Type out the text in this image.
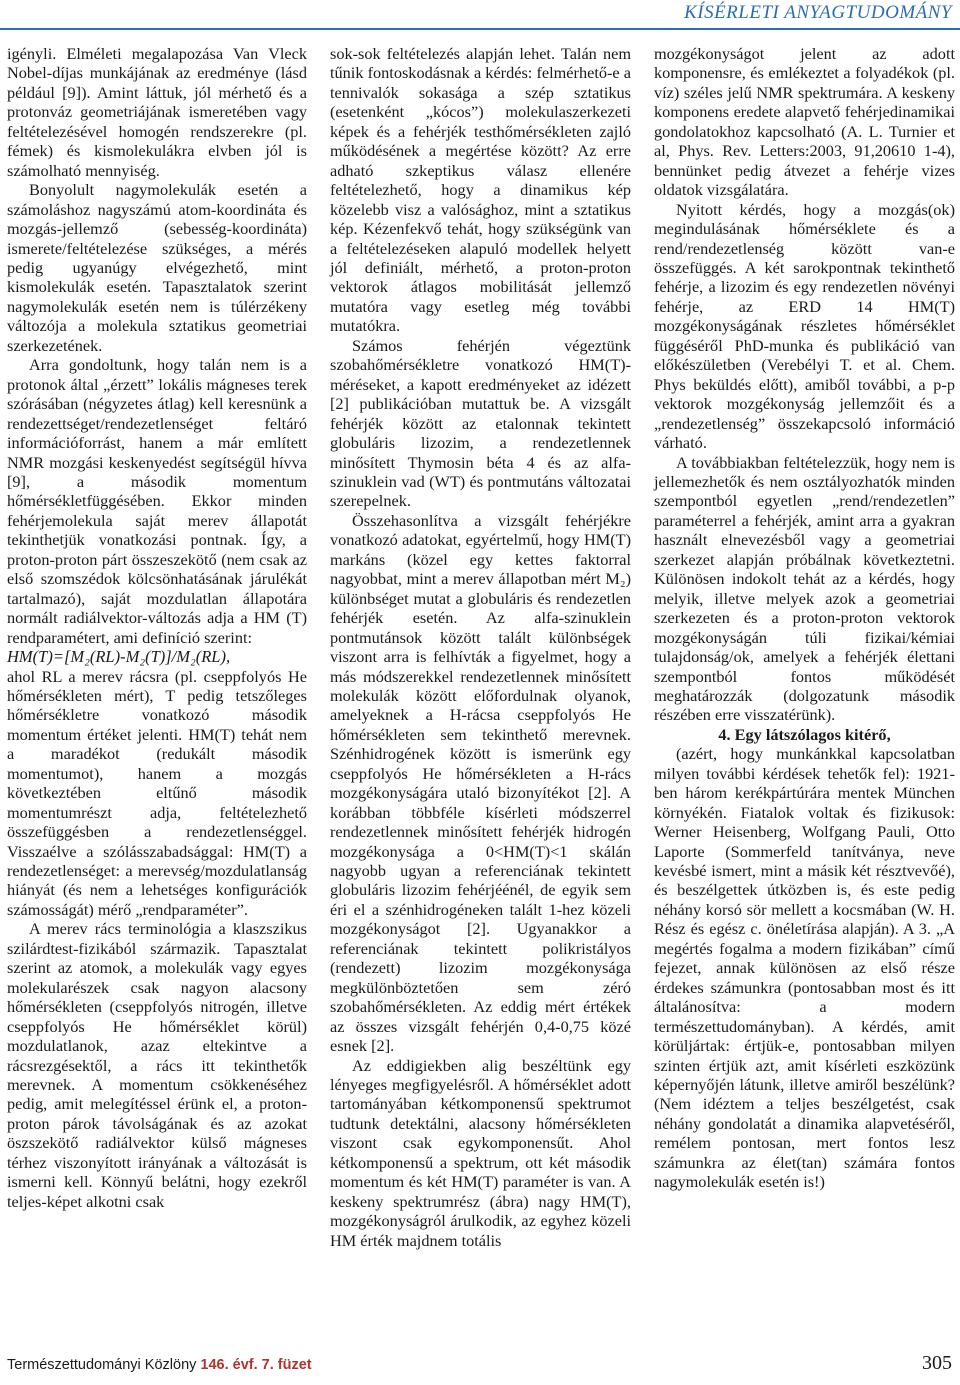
KÍSÉRLETI ANYAGTUDOMÁNY

igényli. Elméleti megalapozása Van Vleck Nobel-díjas munkájának az eredménye (lásd például [9]). Amint láttuk, jól mérhető és a protonváz geometriájának ismeretében vagy feltételezésével homogén rendszerekre (pl. fémek) és kismolekulákra elvben jól is számolható mennyiség.

Bonyolult nagymolekulák esetén a számoláshoz nagyszámú atom-koordináta és mozgás-jellemző (sebesség-koordináta) ismerete/feltételezése szükséges, a mérés pedig ugyanúgy elvégezhető, mint kismolekulák esetén. Tapasztalatok szerint nagymolekulák esetén nem is túlérzékeny változója a molekula sztatikus geometriai szerkezetének.

Arra gondoltunk, hogy talán nem is a protonok által „érzett” lokális mágneses terek szórásában (négyzetes átlag) kell keresnünk a rendezettséget/rendezetlenséget feltáró információforrást, hanem a már említett NMR mozgási keskenyedést segítségül hívva [9], a második momentum hőmérsékletfüggésében. Ekkor minden fehérjemolekula saját merev állapotát tekinthetjük vonatkozási pontnak. Így, a proton-proton párt összeszekötő (nem csak az első szomszédok kölcsönhatásának járulékát tartalmazó), saját mozdulatlan állapotára normált radiálvektor-változás adja a HM (T) rendparamétert, ami definíció szerint:

HM(T)=[M₂(RL)-M₂(T)]/M₂(RL),

ahol RL a merev rácsra (pl. cseppfolyós He hőmérsékleten mért), T pedig tetszőleges hőmérsékletre vonatkozó második momentum értéket jelenti. HM(T) tehát nem a maradékot (redukált második momentumot), hanem a mozgás következtében eltűnő második momentumrészt adja, feltételezhető összefüggésben a rendezetlenséggel. Visszaélve a szólásszabadsággal: HM(T) a rendezetlenséget: a merevség/mozdulatlanság hiányát (és nem a lehetséges konfigurációk számosságát) mérő „rendparaméter”.

A merev rács terminológia a klaszszikus szilárdtest-fizikából származik. Tapasztalat szerint az atomok, a molekulák vagy egyes molekularészek csak nagyon alacsony hőmérsékleten (cseppfolyós nitrogén, illetve cseppfolyós He hőmérséklet körül) mozdulatlanok, azaz eltekintve a rácsrezgésektől, a rács itt tekinthetők merevnek. A momentum csökkenéséhez pedig, amit melegítéssel érünk el, a proton-proton párok távolságának és az azokat öszszekötő radiálvektor külső mágneses térhez viszonyított irányának a változását is ismerni kell. Könnyű belátni, hogy ezekről teljes-képet alkotni csak

sok-sok feltételezés alapján lehet. Talán nem tűnik fontoskodásnak a kérdés: felmérhető-e a tennivalók sokasága a szép sztatikus (esetenként „kócos”) molekulaszerkezeti képek és a fehérjék testhőmérsékleten zajló működésének a megértése között? Az erre adható szkeptikus válasz ellenére feltételezhető, hogy a dinamikus kép közelebb visz a valósághoz, mint a sztatikus kép. Kézenfekvő tehát, hogy szükségünk van a feltételezéseken alapuló modellek helyett jól definiált, mérhető, a proton-proton vektorok átlagos mobilitását jellemző mutatóra vagy esetleg még további mutatókra.

Számos fehérjén végeztünk szobahőmérsékletre vonatkozó HM(T)-méréseket, a kapott eredményeket az idézett [2] publikációban mutattuk be. A vizsgált fehérjék között az etalonnak tekintett globuláris lizozim, a rendezetlennek minősített Thymosin béta 4 és az alfa-szinuklein vad (WT) és pontmutáns változatai szerepelnek.

Összehasonlítva a vizsgált fehérjékre vonatkozó adatokat, egyértelmű, hogy HM(T) markáns (közel egy kettes faktorral nagyobbat, mint a merev állapotban mért M₂) különbséget mutat a globuláris és rendezetlen fehérjék esetén. Az alfa-szinuklein pontmutánsok között talált különbségek viszont arra is felhívták a figyelmet, hogy a más módszerekkel rendezetlennek minősített molekulák között előfordulnak olyanok, amelyeknek a H-rácsa cseppfolyós He hőmérsékleten sem tekinthető merevnek. Szénhidrogének között is ismerünk egy cseppfolyós He hőmérsékleten a H-rács mozgékonyságára utaló bizonyítékot [2]. A korábban többféle kísérleti módszerrel rendezetlennek minősített fehérjék hidrogén mozgékonysága a 0<HM(T)<1 skálán nagyobb ugyan a referenciának tekintett globuláris lizozim fehérjéénél, de egyik sem éri el a szénhidrogéneken talált 1-hez közeli mozgékonyságot [2]. Ugyanakkor a referenciának tekintett polikristályos (rendezett) lizozim mozgékonysága megkülönböztetően sem zéró szobahőmérsékleten. Az eddig mért értékek az összes vizsgált fehérjén 0,4-0,75 közé esnek [2].

Az eddigiekben alig beszéltünk egy lényeges megfigyelésről. A hőmérséklet adott tartományában kétkomponensű spektrumot tudtunk detektálni, alacsony hőmérsékleten viszont csak egykomponensűt. Ahol kétkomponensű a spektrum, ott két második momentum és két HM(T) paraméter is van. A keskeny spektrumrész (ábra) nagy HM(T), mozgékonyságról árulkodik, az egyhez közeli HM érték majdnem totális

mozgékonyságot jelent az adott komponensre, és emlékeztet a folyadékok (pl. víz) széles jelű NMR spektrumára. A keskeny komponens eredete alapvető fehérjedinamikai gondolatokhoz kapcsolható (A. L. Turnier et al, Phys. Rev. Letters:2003, 91,20610 1-4), bennünket pedig átvezet a fehérje vizes oldatok vizsgálatára.

Nyitott kérdés, hogy a mozgás(ok) megindulásának hőmérséklete és a rend/rendezetlenség között van-e összefüggés. A két sarokpontnak tekinthető fehérje, a lizozim és egy rendezetlen növényi fehérje, az ERD 14 HM(T) mozgékonyságának részletes hőmérséklet függéséről PhD-munka és publikáció van előkészületben (Verebélyi T. et al. Chem. Phys beküldés előtt), amiből további, a p-p vektorok mozgékonyság jellemzőit és a „rendezetlenség” összekapcsoló információ várható.

A továbbiakban feltételezzük, hogy nem is jellemezhetők és nem osztályozhatók minden szempontból egyetlen „rend/rendezetlen” paraméterrel a fehérjék, amint arra a gyakran használt elnevezésből vagy a geometriai szerkezet alapján próbálnak következtetni. Különösen indokolt tehát az a kérdés, hogy melyik, illetve melyek azok a geometriai szerkezeten és a proton-proton vektorok mozgékonyságán túli fizikai/kémiai tulajdonság/ok, amelyek a fehérjék élettani szempontból fontos működését meghatározzák (dolgozatunk második részében erre visszatérünk).

4. Egy látszólagos kitérő,

(azért, hogy munkánkkal kapcsolatban milyen további kérdések tehetők fel): 1921-ben három kerékpártúrára mentek München környékén. Fiatalok voltak és fizikusok: Werner Heisenberg, Wolfgang Pauli, Otto Laporte (Sommerfeld tanítványa, neve kevésbé ismert, mint a másik két résztvevőé), és beszélgettek útközben is, és este pedig néhány korsó sör mellett a kocsmában (W. H. Rész és egész c. önéletírása alapján). A 3. „A megértés fogalma a modern fizikában” című fejezet, annak különösen az első része érdekes számunkra (pontosabban most és itt általánosítva: a modern természettudományban). A kérdés, amit körüljártak: értjük-e, pontosabban milyen szinten értjük azt, amit kísérleti eszközünk képernyőjén látunk, illetve amiről beszélünk? (Nem idéztem a teljes beszélgetést, csak néhány gondolatát a dinamika alapvetéséről, remélem pontosan, mert fontos lesz számunkra az élet(tan) számára fontos nagymolekulák esetén is!)

Természettudományi Közlöny 146. évf. 7. füzet	305
